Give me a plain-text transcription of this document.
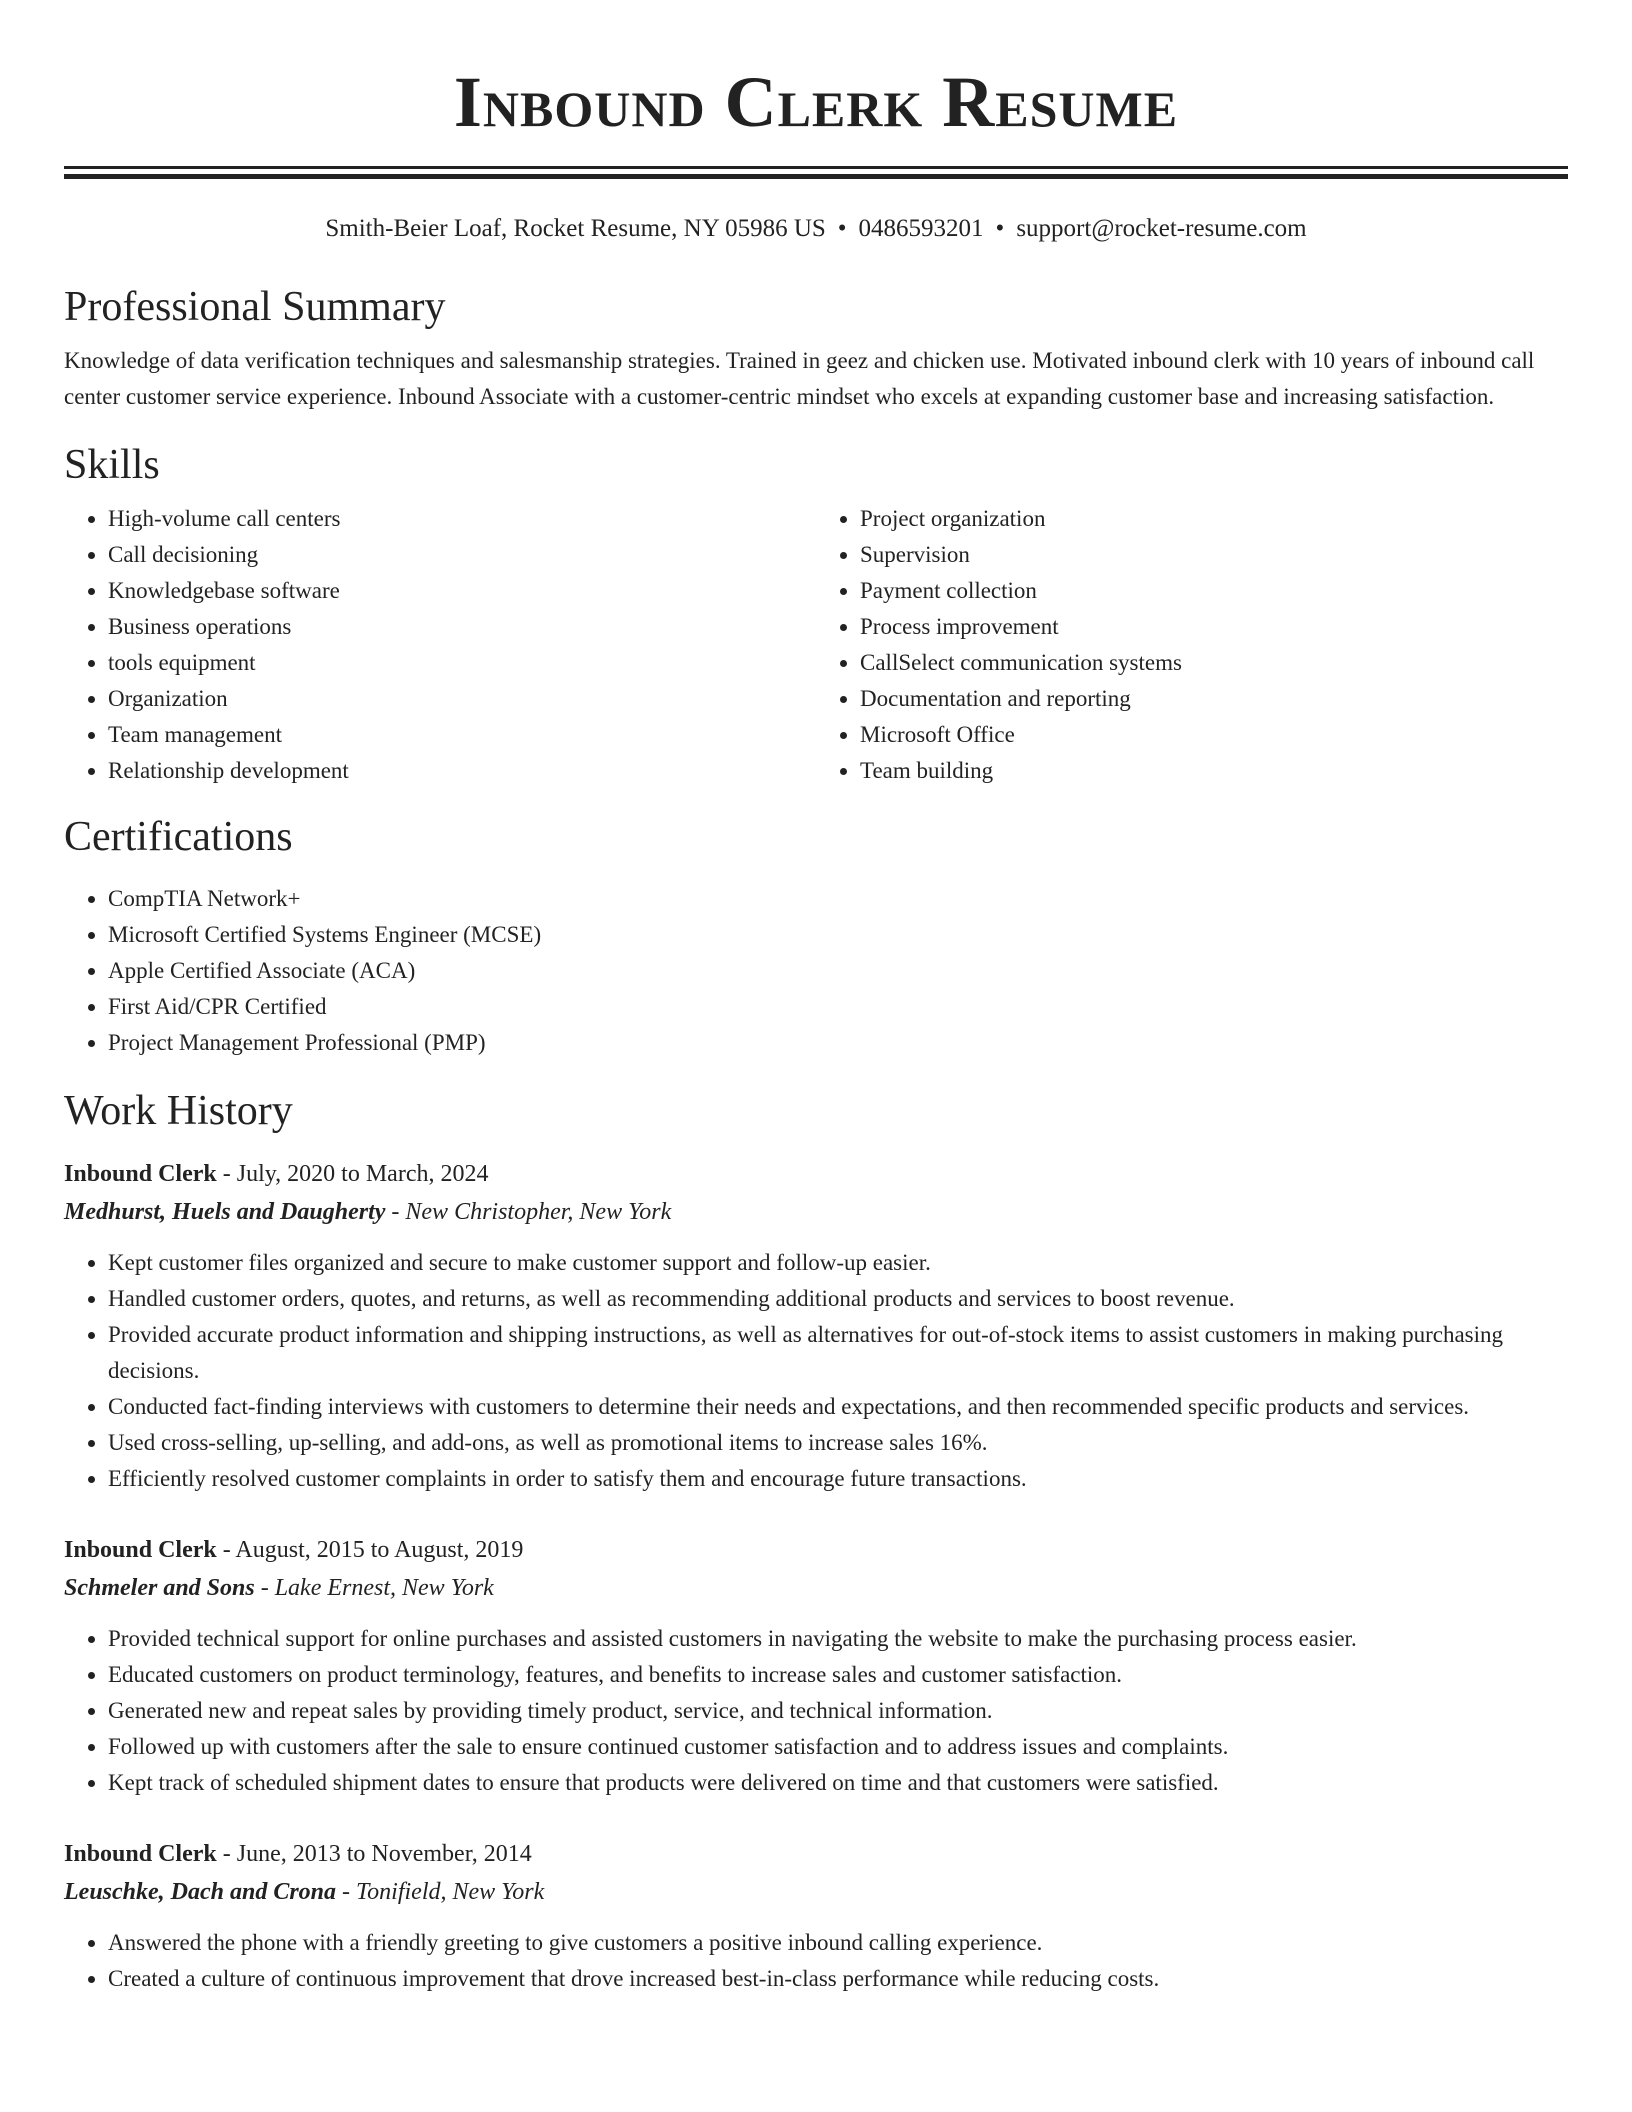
Inbound Clerk Resume
Smith-Beier Loaf, Rocket Resume, NY 05986 US • 0486593201 • support@rocket-resume.com
Professional Summary

Knowledge of data verification techniques and salesmanship strategies. Trained in geez and chicken use. Motivated inbound clerk with 10 years of inbound call center customer service experience. Inbound Associate with a customer-centric mindset who excels at expanding customer base and increasing satisfaction.

Skills
• High-volume call centers
• Call decisioning
• Knowledgebase software
• Business operations
• tools equipment
• Organization
• Team management
• Relationship development
• Project organization
• Supervision
• Payment collection
• Process improvement
• CallSelect communication systems
• Documentation and reporting
• Microsoft Office
• Team building
Certifications
• CompTIA Network+
• Microsoft Certified Systems Engineer (MCSE)
• Apple Certified Associate (ACA)
• First Aid/CPR Certified
• Project Management Professional (PMP)
Work History
Inbound Clerk - July, 2020 to March, 2024
Medhurst, Huels and Daugherty - New Christopher, New York
• Kept customer files organized and secure to make customer support and follow-up easier.
• Handled customer orders, quotes, and returns, as well as recommending additional products and services to boost revenue.
• Provided accurate product information and shipping instructions, as well as alternatives for out-of-stock items to assist customers in making purchasing decisions.
• Conducted fact-finding interviews with customers to determine their needs and expectations, and then recommended specific products and services.
• Used cross-selling, up-selling, and add-ons, as well as promotional items to increase sales 16%.
• Efficiently resolved customer complaints in order to satisfy them and encourage future transactions.
Inbound Clerk - August, 2015 to August, 2019
Schmeler and Sons - Lake Ernest, New York
• Provided technical support for online purchases and assisted customers in navigating the website to make the purchasing process easier.
• Educated customers on product terminology, features, and benefits to increase sales and customer satisfaction.
• Generated new and repeat sales by providing timely product, service, and technical information.
• Followed up with customers after the sale to ensure continued customer satisfaction and to address issues and complaints.
• Kept track of scheduled shipment dates to ensure that products were delivered on time and that customers were satisfied.
Inbound Clerk - June, 2013 to November, 2014
Leuschke, Dach and Crona - Tonifield, New York
• Answered the phone with a friendly greeting to give customers a positive inbound calling experience.
• Created a culture of continuous improvement that drove increased best-in-class performance while reducing costs.
